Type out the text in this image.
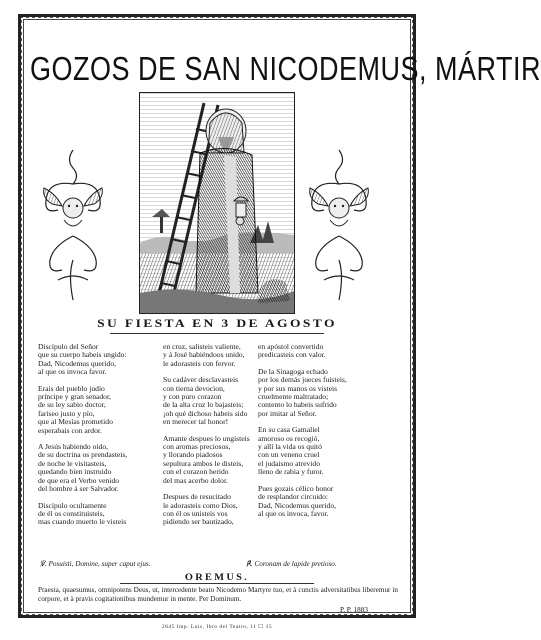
GOZOS DE SAN NICODEMUS, MÁRTIR
SU FIESTA EN 3 DE AGOSTO
Discípulo del Señor
que su cuerpo habeis ungido:
Dad, Nicodemus querido,
al que os invoca favor.
Erais del pueblo judío
príncipe y gran senador,
de su ley sabio doctor,
fariseo justo y pío,
que al Mesías prometido
esperabais con ardor.
A Jesús habiendo oído,
de su doctrina os prendasteis,
de noche le visitasteis,
quedando bien instruido
de que era el Verbo venido
del hombre á ser Salvador.
Discípulo ocultamente
de él os constituisteis,
mas cuando muerto le visteis
en cruz, salisteis valiente,
y á José habiéndoos unido,
le adorasteis con fervor.
Su cadáver desclavasteis
con tierna devocion,
y con puro corazon
de la alta cruz lo bajasteis;
¡oh qué dichoso habeis sido
en merecer tal honor!
Amante despues lo ungisteis
con aromas preciosos,
y llorando piadosos
sepultura ambos le disteis,
con el corazon herido
del mas acerbo dolor.
Despues de resucitado
le adorasteis como Dios,
con él os unisteis vos
pidiendo ser bautizado,
en apóstol convertido
predicasteis con valor.
De la Sinagoga echado
por los demás jueces fuisteis,
y por sus manos os visteis
cruelmente maltratado;
contento lo habeis sufrido
por imitar al Señor.
En su casa Gamaliel
amoroso os recogió,
y allí la vida os quitó
con un veneno cruel
el judaismo atrevido
lleno de rabia y furor.
Pues gozais célico honor
de resplandor circuido:
Dad, Nicodemus querido,
al que os invoca, favor.
℣. Posuisti, Domine, super caput ejus.	℟. Coronam de lapide pretioso.
OREMUS.
Praesta, quaesumus, omnipotens Deus, ut, intercedente beato Nicodemo Martyre tuo, et à cunctis adversitatibus liberemur in corpore, et à pravis cogitationibus mundemur in mente. Per Dominum.
P. P. 1883
2845 Imp. Luis, Ibro del Teatro, 11 ☐ 15
